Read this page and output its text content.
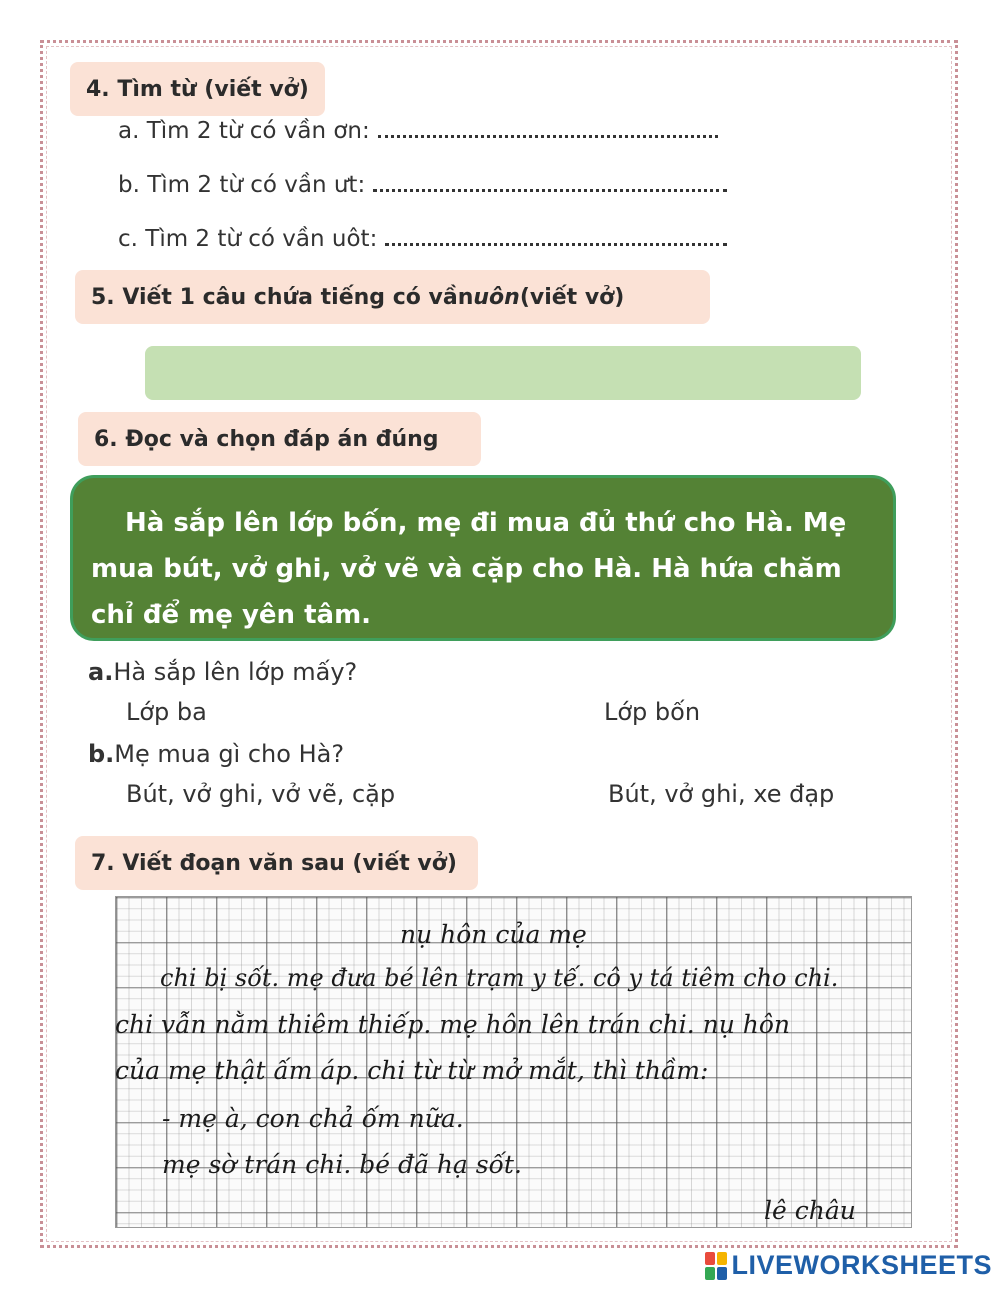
4. Tìm từ (viết vở)
a. Tìm 2 từ có vần ơn:
b. Tìm 2 từ có vần ưt:
c. Tìm 2 từ có vần uôt:
5. Viết 1 câu chứa tiếng có vần uôn (viết vở)
6. Đọc và chọn đáp án đúng
Hà sắp lên lớp bốn, mẹ đi mua đủ thứ cho Hà. Mẹ mua bút, vở ghi, vở vẽ và cặp cho Hà. Hà hứa chăm chỉ để mẹ yên tâm.
a.Hà sắp lên lớp mấy?
Lớp ba	Lớp bốn
b.Mẹ mua gì cho Hà?
Bút, vở ghi, vở vẽ, cặp	Bút, vở ghi, xe đạp
7. Viết đoạn văn sau (viết vở)
nụ hôn của mẹ
chi bị sốt. mẹ đưa bé lên trạm y tế. cô y tá tiêm cho chi.
chi vẫn nằm thiêm thiếp. mẹ hôn lên trán chi. nụ hôn
của mẹ thật ấm áp. chi từ từ mở mắt, thì thầm:
- mẹ à, con chả ốm nữa.
mẹ sờ trán chi. bé đã hạ sốt.
lê châu
LIVEWORKSHEETS
